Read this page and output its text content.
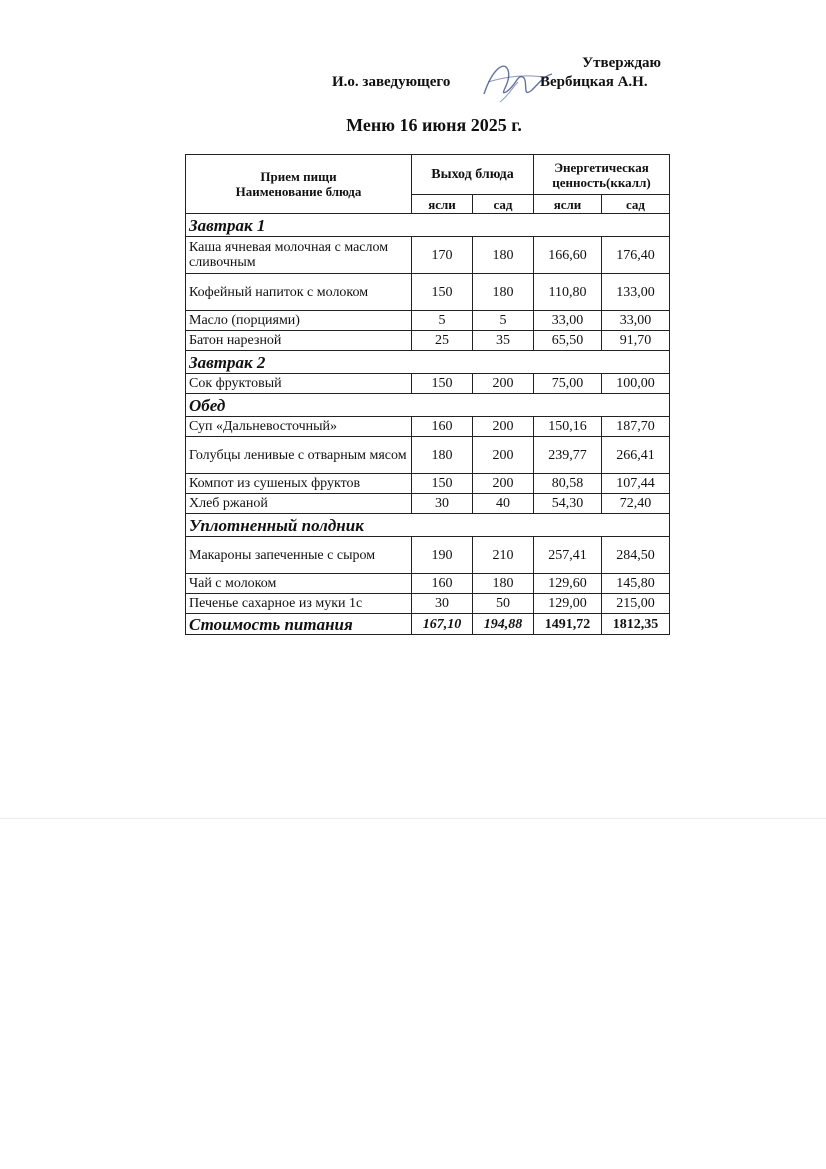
Утверждаю
И.о. заведующего	Вербицкая А.Н.
Меню 16 июня 2025 г.
Прием пищи
Наименование блюда	Выход блюда		Энергетическая ценность(ккалл)	
	ясли	сад	ясли	сад
Завтрак 1				
Каша ячневая молочная с маслом сливочным	170	180	166,60	176,40
Кофейный напиток с молоком	150	180	110,80	133,00
Масло (порциями)	5	5	33,00	33,00
Батон нарезной	25	35	65,50	91,70
Завтрак 2				
Сок фруктовый	150	200	75,00	100,00
Обед				
Суп «Дальневосточный»	160	200	150,16	187,70
Голубцы ленивые с отварным мясом	180	200	239,77	266,41
Компот из сушеных фруктов	150	200	80,58	107,44
Хлеб ржаной	30	40	54,30	72,40
Уплотненный полдник				
Макароны запеченные с сыром	190	210	257,41	284,50
Чай с молоком	160	180	129,60	145,80
Печенье сахарное из муки 1с	30	50	129,00	215,00
Стоимость питания	167,10	194,88	1491,72	1812,35
